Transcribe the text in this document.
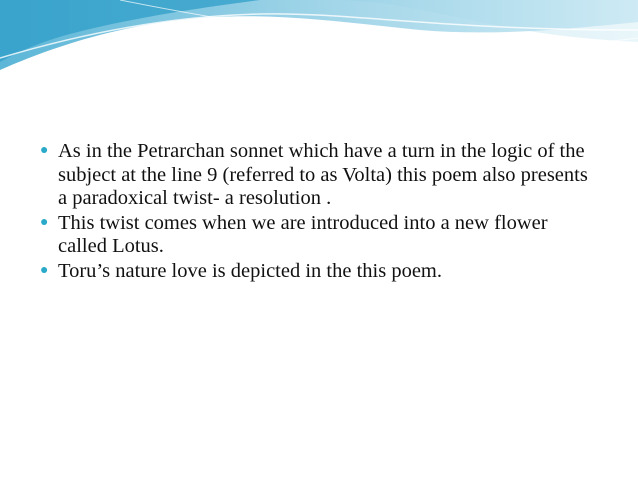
● As in the Petrarchan sonnet which have a turn in the logic of the subject at the line 9 (referred to as Volta) this poem also presents a paradoxical twist- a resolution .
● This twist comes when we are introduced into a new flower called Lotus.
● Toru’s nature love is depicted in the this poem.
